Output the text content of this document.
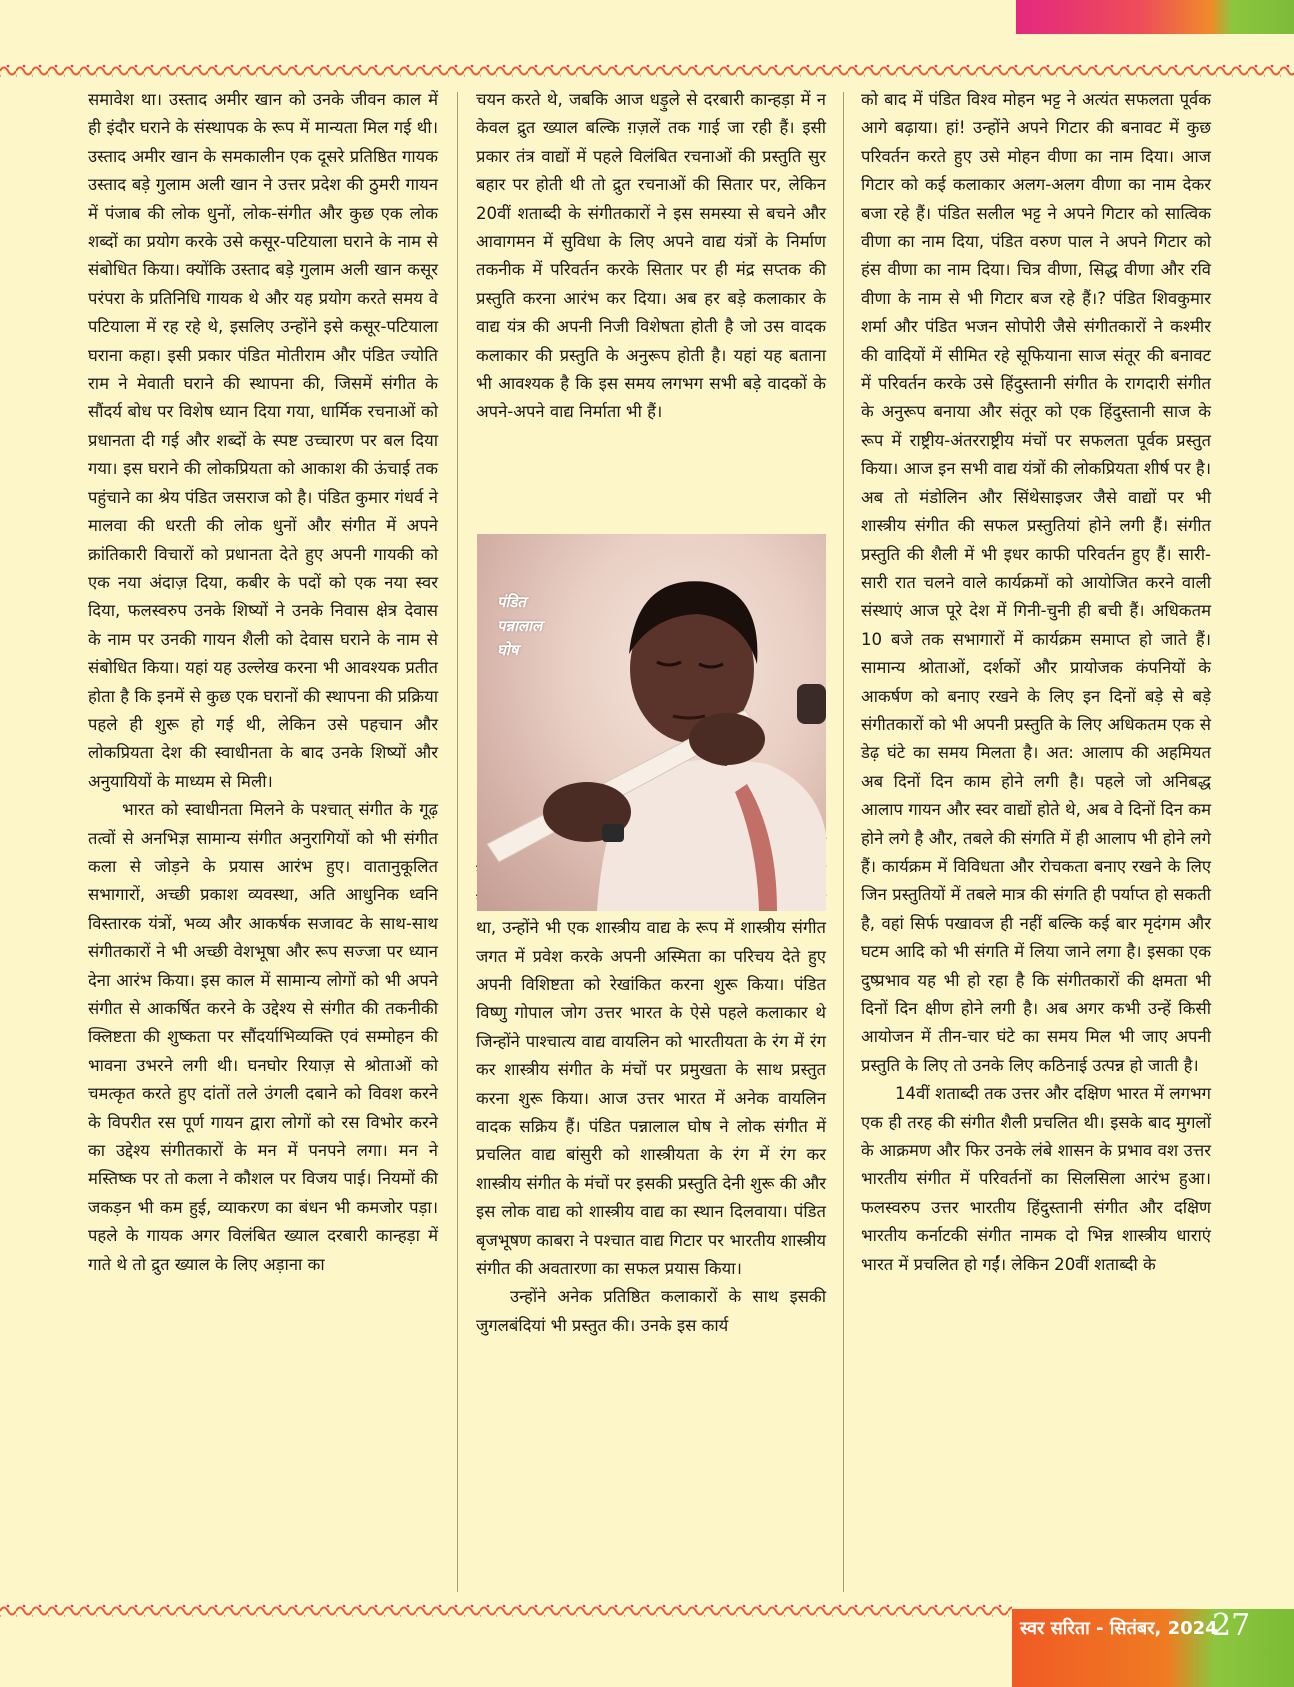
समावेश था। उस्ताद अमीर खान को उनके जीवन काल में ही इंदौर घराने के संस्थापक के रूप में मान्यता मिल गई थी। उस्ताद अमीर खान के समकालीन एक दूसरे प्रतिष्ठित गायक उस्ताद बड़े गुलाम अली खान ने उत्तर प्रदेश की ठुमरी गायन में पंजाब की लोक धुनों, लोक-संगीत और कुछ एक लोक शब्दों का प्रयोग करके उसे कसूर-पटियाला घराने के नाम से संबोधित किया। क्योंकि उस्ताद बड़े गुलाम अली खान कसूर परंपरा के प्रतिनिधि गायक थे और यह प्रयोग करते समय वे पटियाला में रह रहे थे, इसलिए उन्होंने इसे कसूर-पटियाला घराना कहा। इसी प्रकार पंडित मोतीराम और पंडित ज्योति राम ने मेवाती घराने की स्थापना की, जिसमें संगीत के सौंदर्य बोध पर विशेष ध्यान दिया गया, धार्मिक रचनाओं को प्रधानता दी गई और शब्दों के स्पष्ट उच्चारण पर बल दिया गया। इस घराने की लोकप्रियता को आकाश की ऊंचाई तक पहुंचाने का श्रेय पंडित जसराज को है। पंडित कुमार गंधर्व ने मालवा की धरती की लोक धुनों और संगीत में अपने क्रांतिकारी विचारों को प्रधानता देते हुए अपनी गायकी को एक नया अंदाज़ दिया, कबीर के पदों को एक नया स्वर दिया, फलस्वरुप उनके शिष्यों ने उनके निवास क्षेत्र देवास के नाम पर उनकी गायन शैली को देवास घराने के नाम से संबोधित किया। यहां यह उल्लेख करना भी आवश्यक प्रतीत होता है कि इनमें से कुछ एक घरानों की स्थापना की प्रक्रिया पहले ही शुरू हो गई थी, लेकिन उसे पहचान और लोकप्रियता देश की स्वाधीनता के बाद उनके शिष्यों और अनुयायियों के माध्यम से मिली।

भारत को स्वाधीनता मिलने के पश्चात् संगीत के गूढ़ तत्वों से अनभिज्ञ सामान्य संगीत अनुरागियों को भी संगीत कला से जोड़ने के प्रयास आरंभ हुए। वातानुकूलित सभागारों, अच्छी प्रकाश व्यवस्था, अति आधुनिक ध्वनि विस्तारक यंत्रों, भव्य और आकर्षक सजावट के साथ-साथ संगीतकारों ने भी अच्छी वेशभूषा और रूप सज्जा पर ध्यान देना आरंभ किया। इस काल में सामान्य लोगों को भी अपने संगीत से आकर्षित करने के उद्देश्य से संगीत की तकनीकी क्लिष्टता की शुष्कता पर सौंदर्याभिव्यक्ति एवं सम्मोहन की भावना उभरने लगी थी। घनघोर रियाज़ से श्रोताओं को चमत्कृत करते हुए दांतों तले उंगली दबाने को विवश करने के विपरीत रस पूर्ण गायन द्वारा लोगों को रस विभोर करने का उद्देश्य संगीतकारों के मन में पनपने लगा। मन ने मस्तिष्क पर तो कला ने कौशल पर विजय पाई। नियमों की जकड़न भी कम हुई, व्याकरण का बंधन भी कमजोर पड़ा। पहले के गायक अगर विलंबित ख्याल दरबारी कान्हड़ा में गाते थे तो द्रुत ख्याल के लिए अड़ाना का

चयन करते थे, जबकि आज धड़ुले से दरबारी कान्हड़ा में न केवल द्रुत ख्याल बल्कि ग़ज़लें तक गाई जा रही हैं। इसी प्रकार तंत्र वाद्यों में पहले विलंबित रचनाओं की प्रस्तुति सुर बहार पर होती थी तो द्रुत रचनाओं की सितार पर, लेकिन 20वीं शताब्दी के संगीतकारों ने इस समस्या से बचने और आवागमन में सुविधा के लिए अपने वाद्य यंत्रों के निर्माण तकनीक में परिवर्तन करके सितार पर ही मंद्र सप्तक की प्रस्तुति करना आरंभ कर दिया। अब हर बड़े कलाकार के वाद्य यंत्र की अपनी निजी विशेषता होती है जो उस वादक कलाकार की प्रस्तुति के अनुरूप होती है। यहां यह बताना भी आवश्यक है कि इस समय लगभग सभी बड़े वादकों के अपने-अपने वाद्य निर्माता भी हैं।

था, उन्होंने भी एक शास्त्रीय वाद्य के रूप में शास्त्रीय संगीत जगत में प्रवेश करके अपनी अस्मिता का परिचय देते हुए अपनी विशिष्टता को रेखांकित करना शुरू किया। पंडित विष्णु गोपाल जोग उत्तर भारत के ऐसे पहले कलाकार थे जिन्होंने पाश्चात्य वाद्य वायलिन को भारतीयता के रंग में रंग कर शास्त्रीय संगीत के मंचों पर प्रमुखता के साथ प्रस्तुत करना शुरू किया। आज उत्तर भारत में अनेक वायलिन वादक सक्रिय हैं। पंडित पन्नालाल घोष ने लोक संगीत में प्रचलित वाद्य बांसुरी को शास्त्रीयता के रंग में रंग कर शास्त्रीय संगीत के मंचों पर इसकी प्रस्तुति देनी शुरू की और इस लोक वाद्य को शास्त्रीय वाद्य का स्थान दिलवाया। पंडित बृजभूषण काबरा ने पश्चात वाद्य गिटार पर भारतीय शास्त्रीय संगीत की अवतारणा का सफल प्रयास किया।

उन्होंने अनेक प्रतिष्ठित कलाकारों के साथ इसकी जुगलबंदियां भी प्रस्तुत की। उनके इस कार्य

पंडित
पन्नालाल
घोष

को बाद में पंडित विश्व मोहन भट्ट ने अत्यंत सफलता पूर्वक आगे बढ़ाया। हां! उन्होंने अपने गिटार की बनावट में कुछ परिवर्तन करते हुए उसे मोहन वीणा का नाम दिया। आज गिटार को कई कलाकार अलग-अलग वीणा का नाम देकर बजा रहे हैं। पंडित सलील भट्ट ने अपने गिटार को सात्विक वीणा का नाम दिया, पंडित वरुण पाल ने अपने गिटार को हंस वीणा का नाम दिया। चित्र वीणा, सिद्ध वीणा और रवि वीणा के नाम से भी गिटार बज रहे हैं।? पंडित शिवकुमार शर्मा और पंडित भजन सोपोरी जैसे संगीतकारों ने कश्मीर की वादियों में सीमित रहे सूफियाना साज संतूर की बनावट में परिवर्तन करके उसे हिंदुस्तानी संगीत के रागदारी संगीत के अनुरूप बनाया और संतूर को एक हिंदुस्तानी साज के रूप में राष्ट्रीय-अंतरराष्ट्रीय मंचों पर सफलता पूर्वक प्रस्तुत किया। आज इन सभी वाद्य यंत्रों की लोकप्रियता शीर्ष पर है। अब तो मंडोलिन और सिंथेसाइजर जैसे वाद्यों पर भी शास्त्रीय संगीत की सफल प्रस्तुतियां होने लगी हैं। संगीत प्रस्तुति की शैली में भी इधर काफी परिवर्तन हुए हैं। सारी-सारी रात चलने वाले कार्यक्रमों को आयोजित करने वाली संस्थाएं आज पूरे देश में गिनी-चुनी ही बची हैं। अधिकतम 10 बजे तक सभागारों में कार्यक्रम समाप्त हो जाते हैं। सामान्य श्रोताओं, दर्शकों और प्रायोजक कंपनियों के आकर्षण को बनाए रखने के लिए इन दिनों बड़े से बड़े संगीतकारों को भी अपनी प्रस्तुति के लिए अधिकतम एक से डेढ़ घंटे का समय मिलता है। अत: आलाप की अहमियत अब दिनों दिन काम होने लगी है। पहले जो अनिबद्ध आलाप गायन और स्वर वाद्यों होते थे, अब वे दिनों दिन कम होने लगे है और, तबले की संगति में ही आलाप भी होने लगे हैं। कार्यक्रम में विविधता और रोचकता बनाए रखने के लिए जिन प्रस्तुतियों में तबले मात्र की संगति ही पर्याप्त हो सकती है, वहां सिर्फ पखावज ही नहीं बल्कि कई बार मृदंगम और घटम आदि को भी संगति में लिया जाने लगा है। इसका एक दुष्प्रभाव यह भी हो रहा है कि संगीतकारों की क्षमता भी दिनों दिन क्षीण होने लगी है। अब अगर कभी उन्हें किसी आयोजन में तीन-चार घंटे का समय मिल भी जाए अपनी प्रस्तुति के लिए तो उनके लिए कठिनाई उत्पन्न हो जाती है।

14वीं शताब्दी तक उत्तर और दक्षिण भारत में लगभग एक ही तरह की संगीत शैली प्रचलित थी। इसके बाद मुगलों के आक्रमण और फिर उनके लंबे शासन के प्रभाव वश उत्तर भारतीय संगीत में परिवर्तनों का सिलसिला आरंभ हुआ। फलस्वरुप उत्तर भारतीय हिंदुस्तानी संगीत और दक्षिण भारतीय कर्नाटकी संगीत नामक दो भिन्न शास्त्रीय धाराएं भारत में प्रचलित हो गईं। लेकिन 20वीं शताब्दी के

स्वर सरिता - सितंबर, 2024
27
